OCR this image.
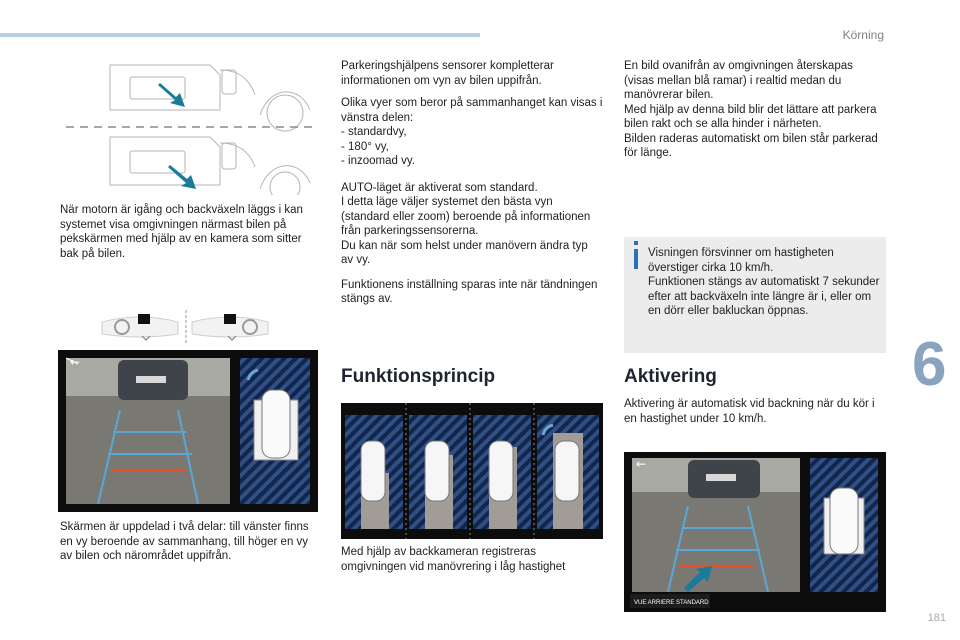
Körning
6
181

När motorn är igång och backväxeln läggs i kan systemet visa omgivningen närmast bilen på pekskärmen med hjälp av en kamera som sitter bak på bilen.

←

Skärmen är uppdelad i två delar: till vänster finns en vy beroende av sammanhang, till höger en vy av bilen och närområdet uppifrån.

Parkeringshjälpens sensorer kompletterar informationen om vyn av bilen uppifrån.

Olika vyer som beror på sammanhanget kan visas i vänstra delen:

- standardvy,
- 180° vy,
- inzoomad vy.

AUTO-läget är aktiverat som standard.
I detta läge väljer systemet den bästa vyn (standard eller zoom) beroende på informationen från parkeringssensorerna.
Du kan när som helst under manövern ändra typ av vy.

Funktionens inställning sparas inte när tändningen stängs av.

Funktionsprincip

Med hjälp av backkameran registreras omgivningen vid manövrering i låg hastighet

En bild ovanifrån av omgivningen återskapas (visas mellan blå ramar) i realtid medan du manövrerar bilen.
Med hjälp av denna bild blir det lättare att parkera bilen rakt och se alla hinder i närheten.
Bilden raderas automatiskt om bilen står parkerad för länge.

Visningen försvinner om hastigheten överstiger cirka 10 km/h.
Funktionen stängs av automatiskt 7 sekunder efter att backväxeln inte längre är i, eller om en dörr eller bakluckan öppnas.
Aktivering

Aktivering är automatisk vid backning när du kör i en hastighet under 10 km/h.

←
VUE ARRIERE STANDARD
